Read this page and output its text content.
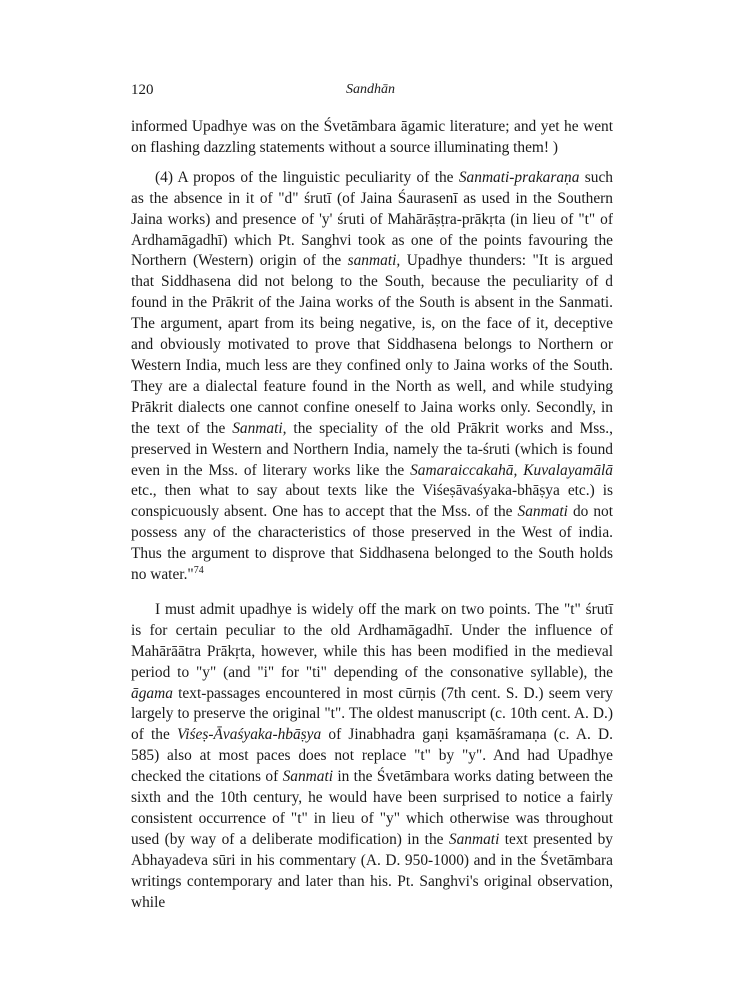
120	Sandhān

informed Upadhye was on the Śvetāmbara āgamic literature; and yet he went on flashing dazzling statements without a source illuminating them! )

(4) A propos of the linguistic peculiarity of the Sanmati-prakaraṇa such as the absence in it of "d" śrutī (of Jaina Śaurasenī as used in the Southern Jaina works) and presence of 'y' śruti of Mahārāṣṭra-prākṛta (in lieu of "t" of Ardhamāgadhī) which Pt. Sanghvi took as one of the points favouring the Northern (Western) origin of the sanmati, Upadhye thunders: "It is argued that Siddhasena did not belong to the South, because the peculiarity of d found in the Prākrit of the Jaina works of the South is absent in the Sanmati. The argument, apart from its being negative, is, on the face of it, deceptive and obviously motivated to prove that Siddhasena belongs to Northern or Western India, much less are they confined only to Jaina works of the South. They are a dialectal feature found in the North as well, and while studying Prākrit dialects one cannot confine oneself to Jaina works only. Secondly, in the text of the Sanmati, the speciality of the old Prākrit works and Mss., preserved in Western and Northern India, namely the ta-śruti (which is found even in the Mss. of literary works like the Samaraiccakahā, Kuvalayamālā etc., then what to say about texts like the Viśeṣāvaśyaka-bhāṣya etc.) is conspicuously absent. One has to accept that the Mss. of the Sanmati do not possess any of the characteristics of those preserved in the West of india. Thus the argument to disprove that Siddhasena belonged to the South holds no water."$^{74}$

I must admit upadhye is widely off the mark on two points. The "t" śrutī is for certain peculiar to the old Ardhamāgadhī. Under the influence of Mahārāātra Prākṛta, however, while this has been modified in the medieval period to "y" (and "i" for "ti" depending of the consonative syllable), the āgama text-passages encountered in most cūrṇis (7th cent. S. D.) seem very largely to preserve the original "t". The oldest manuscript (c. 10th cent. A. D.) of the Viśeṣ-Āvaśyaka-hbāṣya of Jinabhadra gaṇi kṣamāśramaṇa (c. A. D. 585) also at most paces does not replace "t" by "y". And had Upadhye checked the citations of Sanmati in the Śvetāmbara works dating between the sixth and the 10th century, he would have been surprised to notice a fairly consistent occurrence of "t" in lieu of "y" which otherwise was throughout used (by way of a deliberate modification) in the Sanmati text presented by Abhayadeva sūri in his commentary (A. D. 950-1000) and in the Śvetāmbara writings contemporary and later than his. Pt. Sanghvi's original observation, while
